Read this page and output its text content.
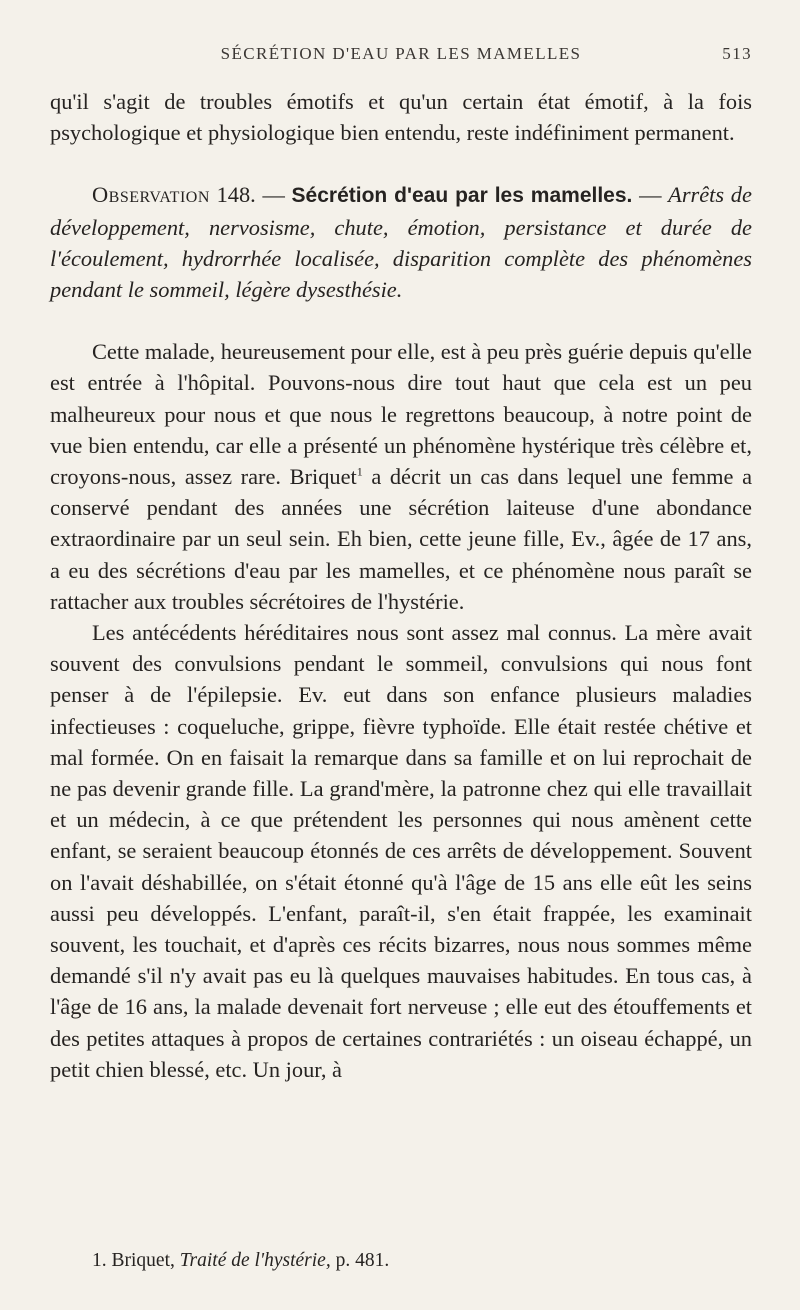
SÉCRÉTION D'EAU PAR LES MAMELLES	513

qu'il s'agit de troubles émotifs et qu'un certain état émotif, à la fois psychologique et physiologique bien entendu, reste indéfiniment permanent.

Observation 148. — Sécrétion d'eau par les mamelles. — Arrêts de développement, nervosisme, chute, émotion, persistance et durée de l'écoulement, hydrorrhée localisée, disparition complète des phénomènes pendant le sommeil, légère dysesthésie.

Cette malade, heureusement pour elle, est à peu près guérie depuis qu'elle est entrée à l'hôpital. Pouvons-nous dire tout haut que cela est un peu malheureux pour nous et que nous le regrettons beaucoup, à notre point de vue bien entendu, car elle a présenté un phénomène hystérique très célèbre et, croyons-nous, assez rare. Briquet$^1$ a décrit un cas dans lequel une femme a conservé pendant des années une sécrétion laiteuse d'une abondance extraordinaire par un seul sein. Eh bien, cette jeune fille, Ev., âgée de 17 ans, a eu des sécrétions d'eau par les mamelles, et ce phénomène nous paraît se rattacher aux troubles sécrétoires de l'hystérie.

Les antécédents héréditaires nous sont assez mal connus. La mère avait souvent des convulsions pendant le sommeil, convulsions qui nous font penser à de l'épilepsie. Ev. eut dans son enfance plusieurs maladies infectieuses : coqueluche, grippe, fièvre typhoïde. Elle était restée chétive et mal formée. On en faisait la remarque dans sa famille et on lui reprochait de ne pas devenir grande fille. La grand'mère, la patronne chez qui elle travaillait et un médecin, à ce que prétendent les personnes qui nous amènent cette enfant, se seraient beaucoup étonnés de ces arrêts de développement. Souvent on l'avait déshabillée, on s'était étonné qu'à l'âge de 15 ans elle eût les seins aussi peu développés. L'enfant, paraît-il, s'en était frappée, les examinait souvent, les touchait, et d'après ces récits bizarres, nous nous sommes même demandé s'il n'y avait pas eu là quelques mauvaises habitudes. En tous cas, à l'âge de 16 ans, la malade devenait fort nerveuse ; elle eut des étouffements et des petites attaques à propos de certaines contrariétés : un oiseau échappé, un petit chien blessé, etc. Un jour, à

1. Briquet, Traité de l'hystérie, p. 481.
